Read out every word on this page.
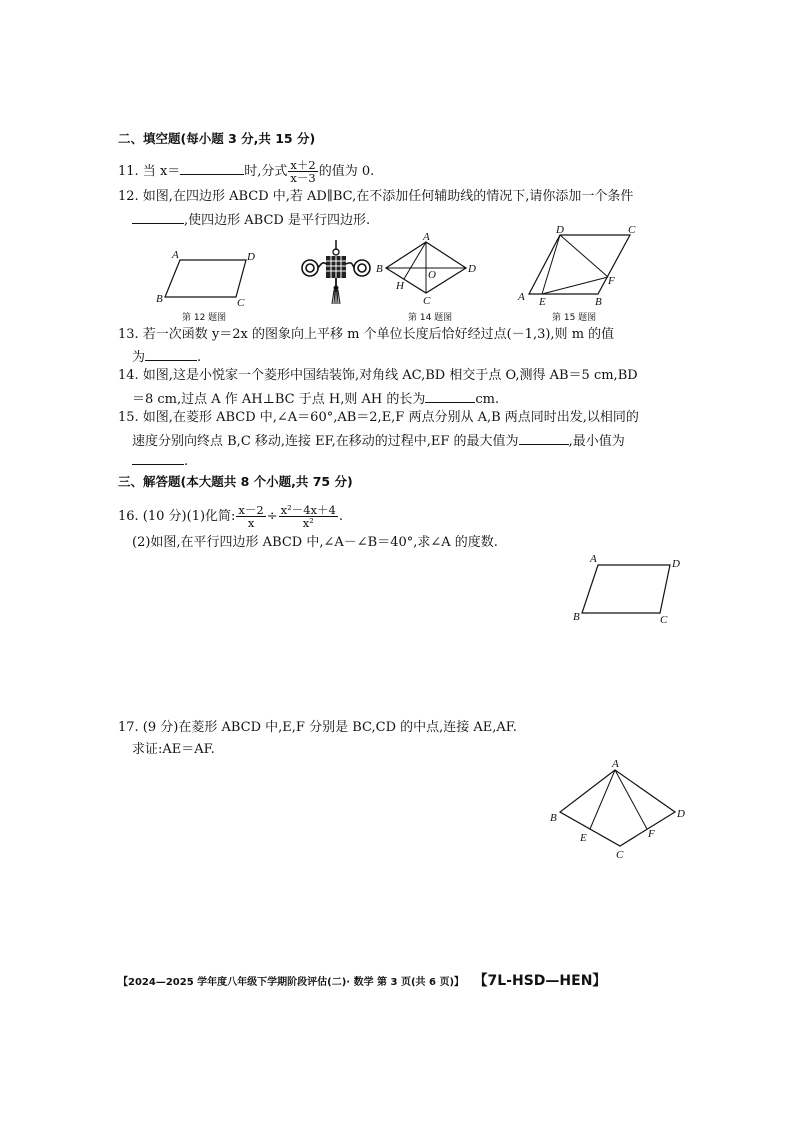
二、填空题(每小题 3 分,共 15 分)
11. 当 x＝	时,分式 $\frac{x+2}{x-3}$ 的值为 0.
12. 如图,在四边形 ABCD 中,若 AD∥BC,在不添加任何辅助线的情况下,请你添加一个条件
,使四边形 ABCD 是平行四边形.
A	D
B	C
第 12 题图
A
B	D
C
O
H
第 14 题图
D	C
A E	B
F
第 15 题图
13. 若一次函数 y＝2x 的图象向上平移 m 个单位长度后恰好经过点(－1,3),则 m 的值
为	.
14. 如图,这是小悦家一个菱形中国结装饰,对角线 AC,BD 相交于点 O,测得 AB＝5 cm,BD
＝8 cm,过点 A 作 AH⊥BC 于点 H,则 AH 的长为	cm.
15. 如图,在菱形 ABCD 中,∠A＝60°,AB＝2,E,F 两点分别从 A,B 两点同时出发,以相同的
速度分别向终点 B,C 移动,连接 EF,在移动的过程中,EF 的最大值为	,最小值为
.
三、解答题(本大题共 8 个小题,共 75 分)
16. (10 分)(1)化简: $\frac{x-2}{x} \div \frac{\text{x²－4x＋4}}{\text{x²}}$ .
(2)如图,在平行四边形 ABCD 中,∠A－∠B＝40°,求∠A 的度数.
A	D
B	C
17. (9 分)在菱形 ABCD 中,E,F 分别是 BC,CD 的中点,连接 AE,AF.
求证:AE＝AF.
A
B	D
E	F
C
【2024—2025 学年度八年级下学期阶段评估(二)· 数学 第 3 页(共 6 页)】 【7L-HSD—HEN】
